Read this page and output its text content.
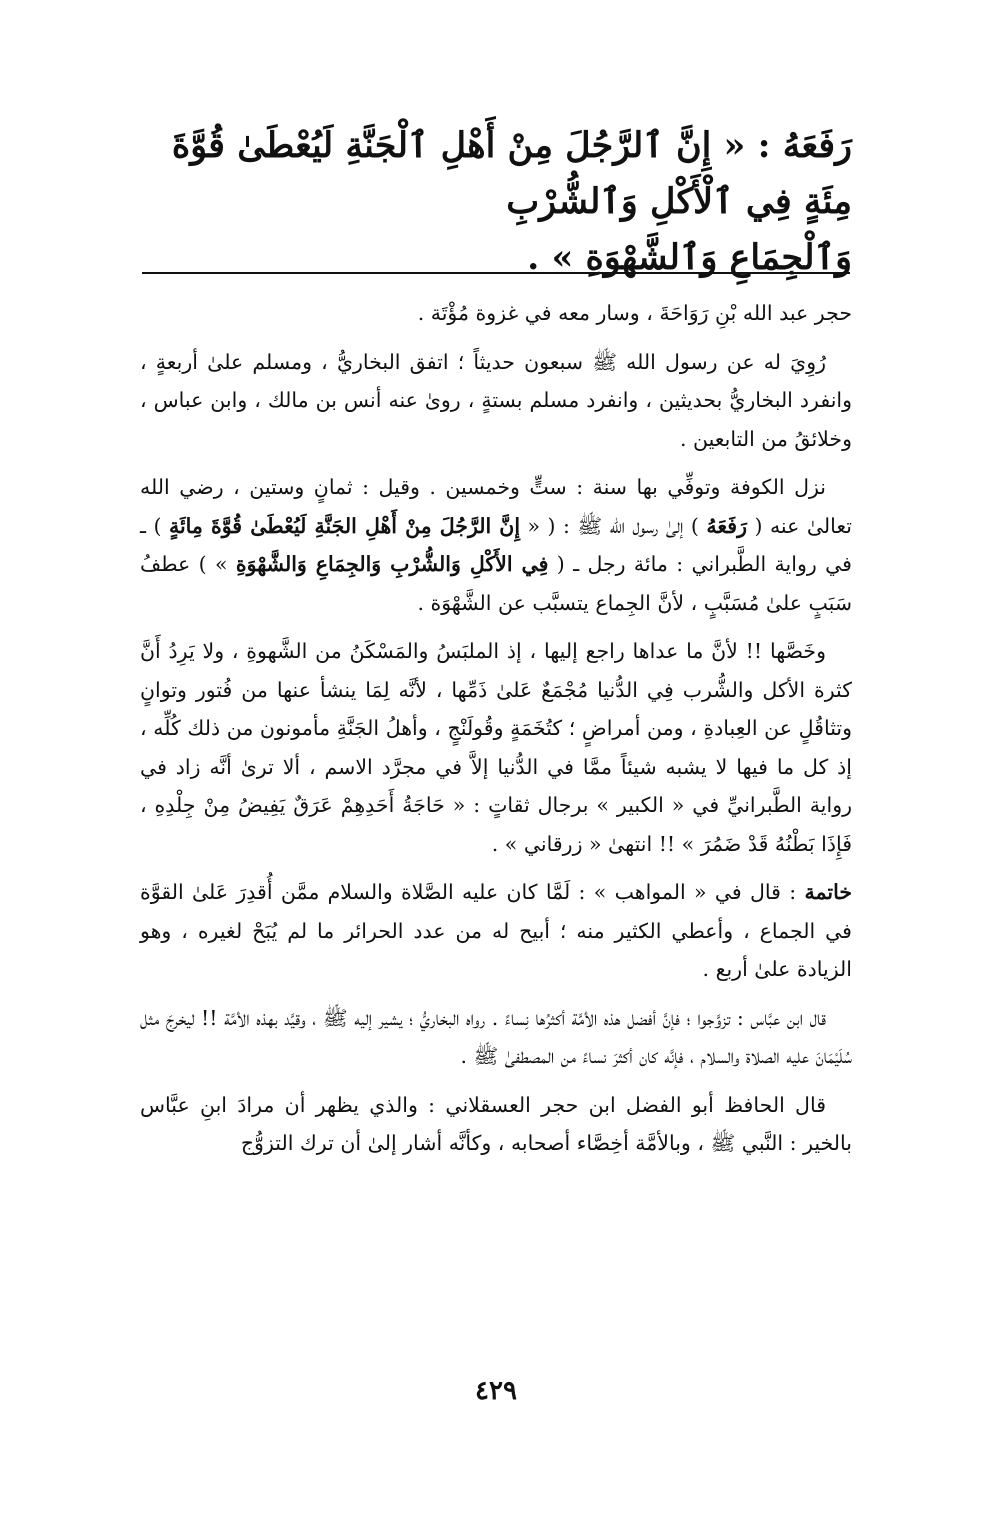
رَفَعَهُ : « إِنَّ ٱلرَّجُلَ مِنْ أَهْلِ ٱلْجَنَّةِ لَيُعْطَىٰ قُوَّةَ مِئَةٍ فِي ٱلْأَكْلِ وَٱلشُّرْبِ
وَٱلْجِمَاعِ وَٱلشَّهْوَةِ » .

حجر عبد الله بْنِ رَوَاحَةَ ، وسار معه في غزوة مُؤْتَة .

رُوِيَ له عن رسول الله ﷺ سبعون حديثاً ؛ اتفق البخاريُّ ، ومسلم علىٰ أربعةٍ ، وانفرد البخاريُّ بحديثين ، وانفرد مسلم بستةٍ ، روىٰ عنه أنس بن مالك ، وابن عباس ، وخلائقُ من التابعين .

نزل الكوفة وتوفِّي بها سنة : ستٍّ وخمسين . وقيل : ثمانٍ وستين ، رضي الله تعالىٰ عنه ( رَفَعَهُ ) إلىٰ رسول الله ﷺ : ( « إِنَّ الرَّجُلَ مِنْ أَهْلِ الجَنَّةِ لَيُعْطَىٰ قُوَّةَ مِائَةٍ ) ـ في رواية الطَّبراني : مائة رجل ـ ( فِي الأَكْلِ وَالشُّرْبِ وَالجِمَاعِ وَالشَّهْوَةِ » ) عطفُ سَبَبٍ علىٰ مُسَبَّبٍ ، لأنَّ الجِماع يتسبَّب عن الشَّهْوَة .

وخَصَّها !! لأنَّ ما عداها راجع إليها ، إذ الملبَسُ والمَسْكَنُ من الشَّهوةِ ، ولا يَرِدُ أَنَّ كثرة الأكل والشُّرب فِي الدُّنيا مُجْمَعٌ عَلىٰ ذَمِّها ، لأنَّه لِمَا ينشأ عنها من فُتور وتوانٍ وتثاقُلٍ عن العِبادةِ ، ومن أمراضٍ ؛ كتُخَمَةٍ وقُولَنْجٍ ، وأهلُ الجَنَّةِ مأمونون من ذلك كُلِّه ، إذ كل ما فيها لا يشبه شيئاً ممَّا في الدُّنيا إلاَّ في مجرَّد الاسم ، ألا ترىٰ أنَّه زاد في رواية الطَّبرانيِّ في « الكبير » برجال ثقاتٍ : « حَاجَةُ أَحَدِهِمْ عَرَقٌ يَفِيضُ مِنْ جِلْدِهِ ، فَإِذَا بَطْنُهُ قَدْ ضَمُرَ » !! انتهىٰ « زرقاني » .

خاتمة : قال في « المواهب » : لَمَّا كان عليه الصَّلاة والسلام ممَّن أُقدِرَ عَلىٰ القوَّة في الجماع ، وأعطي الكثير منه ؛ أبيح له من عدد الحرائر ما لم يُبَحْ لغيره ، وهو الزيادة علىٰ أربع .

قال ابن عبَّاس : تزوَّجوا ؛ فإنَّ أفضل هذه الأمَّة أكثرُها نِساءً . رواه البخاريُّ ؛ يشير إليه ﷺ ، وقيَّد بهذه الأمَّة !! ليخرجَ مثل سُلَيْمَانَ عليه الصلاة والسلام ، فإنَّه كان أكثرَ نساءً من المصطفىٰ ﷺ .

قال الحافظ أبو الفضل ابن حجر العسقلاني : والذي يظهر أن مرادَ ابنِ عبَّاس بالخير : النَّبي ﷺ ، وبالأمَّة أخِصَّاء أصحابه ، وكأنَّه أشار إلىٰ أن ترك التزوُّج

٤٢٩
